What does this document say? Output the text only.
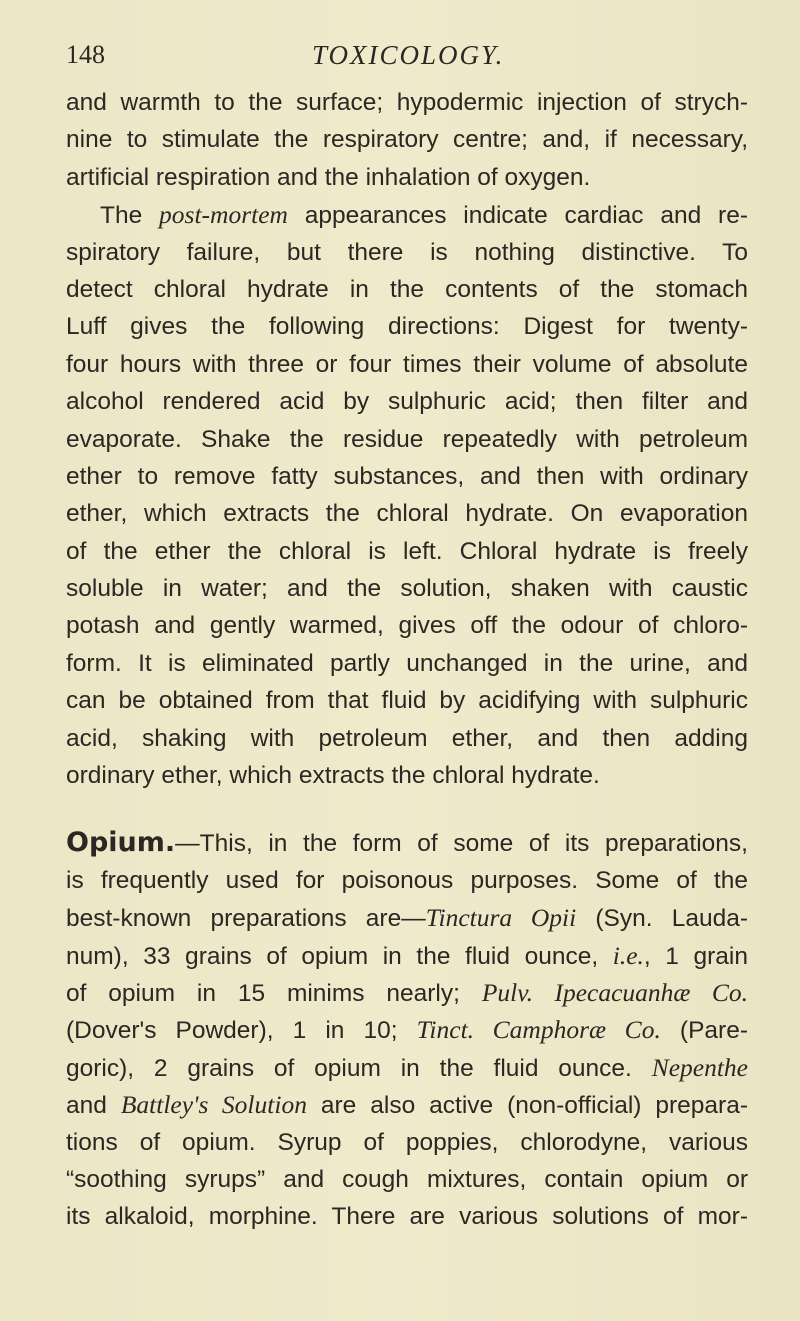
148	TOXICOLOGY.
and warmth to the surface; hypodermic injection of strych-
nine to stimulate the respiratory centre; and, if necessary,
artificial respiration and the inhalation of oxygen.
The post-mortem appearances indicate cardiac and re-
spiratory failure, but there is nothing distinctive. To
detect chloral hydrate in the contents of the stomach
Luff gives the following directions: Digest for twenty-
four hours with three or four times their volume of absolute
alcohol rendered acid by sulphuric acid; then filter and
evaporate. Shake the residue repeatedly with petroleum
ether to remove fatty substances, and then with ordinary
ether, which extracts the chloral hydrate. On evaporation
of the ether the chloral is left. Chloral hydrate is freely
soluble in water; and the solution, shaken with caustic
potash and gently warmed, gives off the odour of chloro-
form. It is eliminated partly unchanged in the urine, and
can be obtained from that fluid by acidifying with sulphuric
acid, shaking with petroleum ether, and then adding
ordinary ether, which extracts the chloral hydrate.
Opium.—This, in the form of some of its preparations,
is frequently used for poisonous purposes. Some of the
best-known preparations are—Tinctura Opii (Syn. Lauda-
num), 33 grains of opium in the fluid ounce, i.e., 1 grain
of opium in 15 minims nearly; Pulv. Ipecacuanhæ Co.
(Dover's Powder), 1 in 10; Tinct. Camphoræ Co. (Pare-
goric), 2 grains of opium in the fluid ounce. Nepenthe
and Battley's Solution are also active (non-official) prepara-
tions of opium. Syrup of poppies, chlorodyne, various
“soothing syrups” and cough mixtures, contain opium or
its alkaloid, morphine. There are various solutions of mor-
